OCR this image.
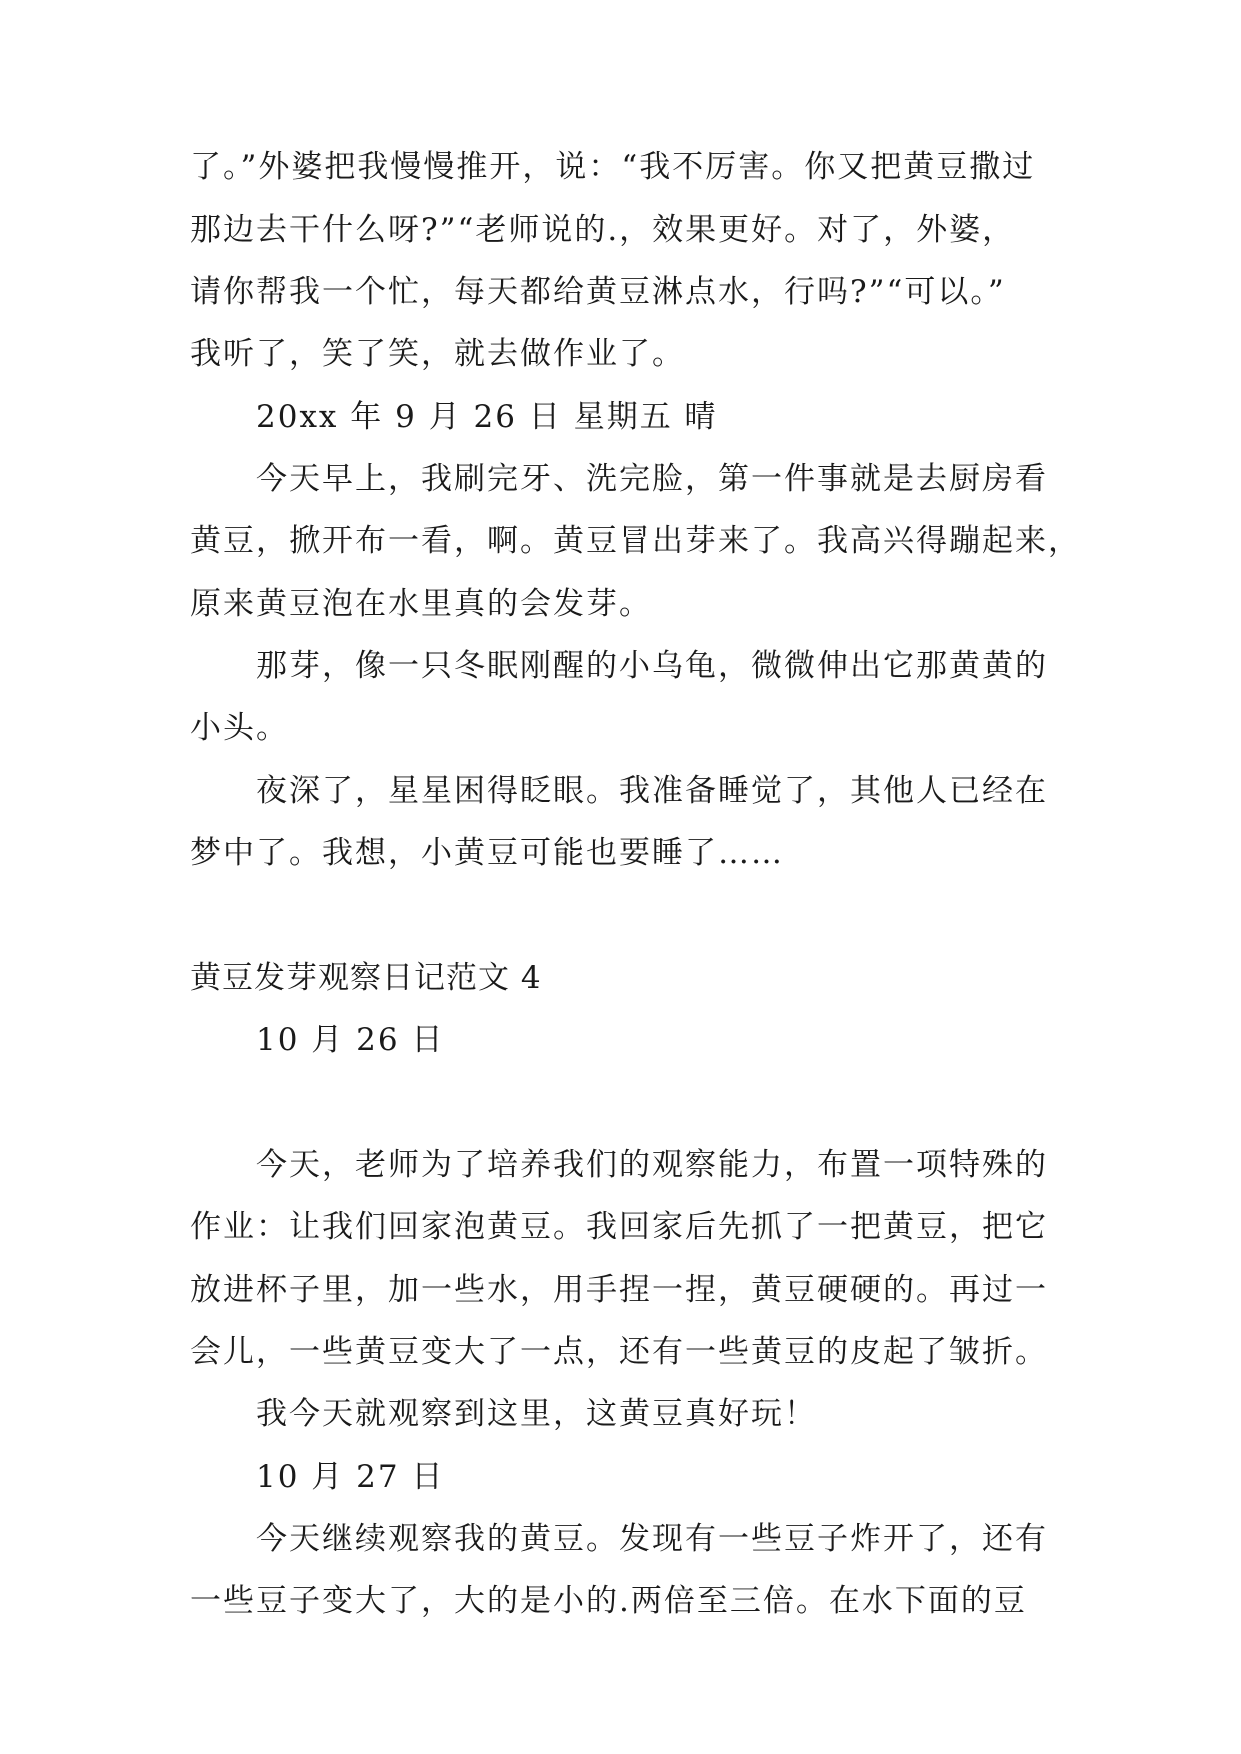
了。”外婆把我慢慢推开，说：“我不厉害。你又把黄豆撒过
那边去干什么呀?”“老师说的.，效果更好。对了，外婆，
请你帮我一个忙，每天都给黄豆淋点水，行吗?”“可以。”
我听了，笑了笑，就去做作业了。
20xx 年 9 月 26 日 星期五 晴
今天早上，我刷完牙、洗完脸，第一件事就是去厨房看
黄豆，掀开布一看，啊。黄豆冒出芽来了。我高兴得蹦起来，
原来黄豆泡在水里真的会发芽。
那芽，像一只冬眠刚醒的小乌龟，微微伸出它那黄黄的
小头。
夜深了，星星困得眨眼。我准备睡觉了，其他人已经在
梦中了。我想，小黄豆可能也要睡了……
黄豆发芽观察日记范文 4
10 月 26 日
今天，老师为了培养我们的观察能力，布置一项特殊的
作业：让我们回家泡黄豆。我回家后先抓了一把黄豆，把它
放进杯子里，加一些水，用手捏一捏，黄豆硬硬的。再过一
会儿，一些黄豆变大了一点，还有一些黄豆的皮起了皱折。
我今天就观察到这里，这黄豆真好玩！
10 月 27 日
今天继续观察我的黄豆。发现有一些豆子炸开了，还有
一些豆子变大了，大的是小的.两倍至三倍。在水下面的豆
